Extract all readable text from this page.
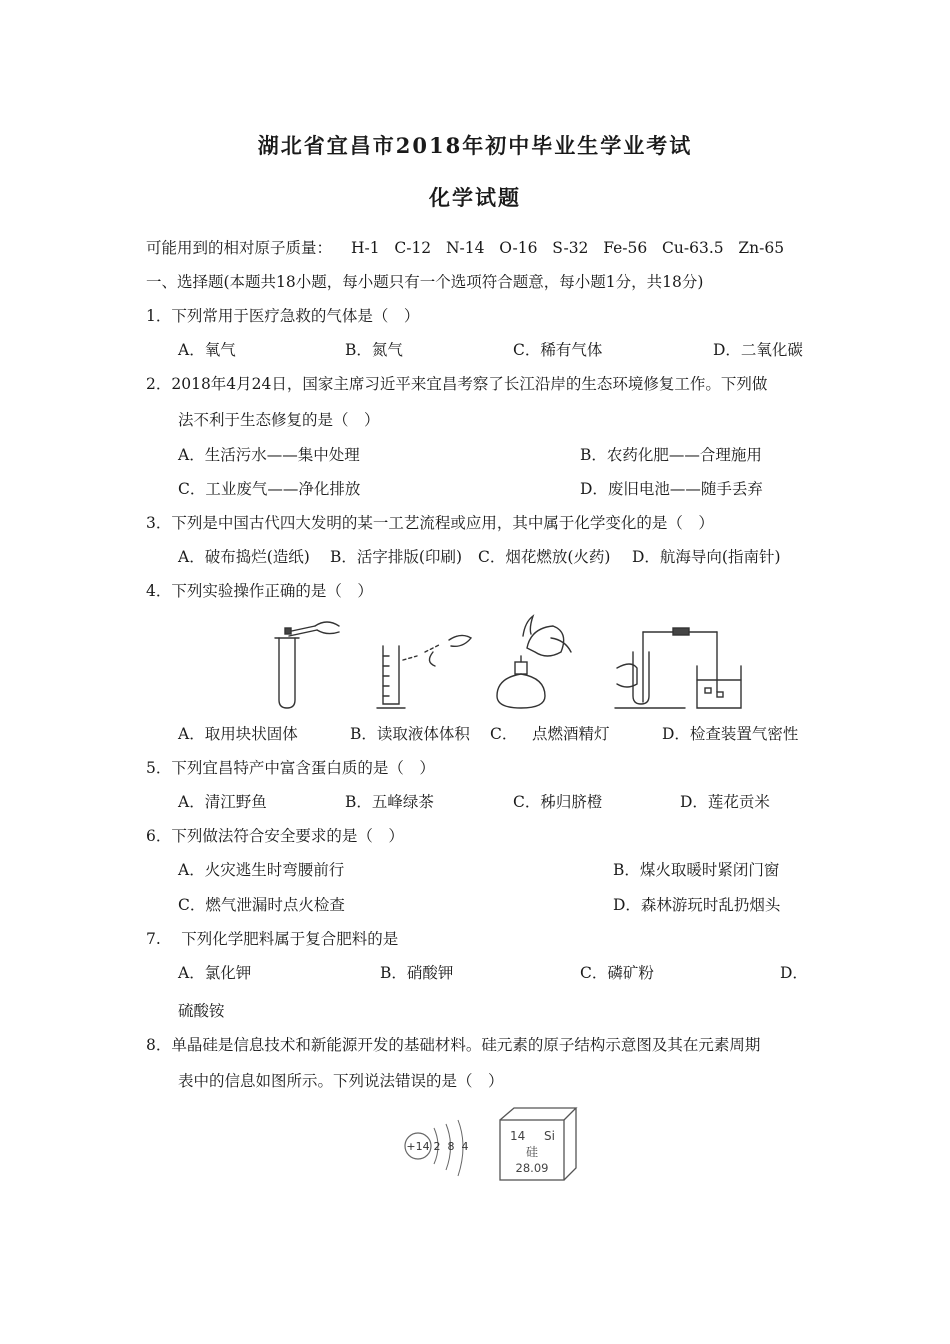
湖北省宜昌市2018年初中毕业生学业考试
化学试题
可能用到的相对原子质量： H-1   C-12   N-14   O-16   S-32   Fe-56   Cu-63.5   Zn-65
一、选择题(本题共18小题，每小题只有一个选项符合题意，每小题1分，共18分)
1．下列常用于医疗急救的气体是（　）
A．氧气	B．氮气	C．稀有气体	D．二氧化碳
2．2018年4月24日，国家主席习近平来宜昌考察了长江沿岸的生态环境修复工作。下列做
法不利于生态修复的是（　）
A．生活污水——集中处理	B．农药化肥——合理施用
C．工业废气——净化排放	D．废旧电池——随手丢弃
3．下列是中国古代四大发明的某一工艺流程或应用，其中属于化学变化的是（　）
A．破布捣烂(造纸) B．活字排版(印刷) C．烟花燃放(火药) D．航海导向(指南针)
4．下列实验操作正确的是（　）
A．取用块状固体	B．读取液体体积 C． 点燃酒精灯	D．检查装置气密性
5．下列宜昌特产中富含蛋白质的是（　）
A．清江野鱼	B．五峰绿茶	C．秭归脐橙	D．莲花贡米
6．下列做法符合安全要求的是（　）
A．火灾逃生时弯腰前行	B．煤火取暖时紧闭门窗
C．燃气泄漏时点火检查	D．森林游玩时乱扔烟头
7.　 下列化学肥料属于复合肥料的是
A．氯化钾	B．硝酸钾	C．磷矿粉	D．
硫酸铵
8．单晶硅是信息技术和新能源开发的基础材料。硅元素的原子结构示意图及其在元素周期
表中的信息如图所示。下列说法错误的是（　）
+14 2 8 4
14 Si
硅
28.09
